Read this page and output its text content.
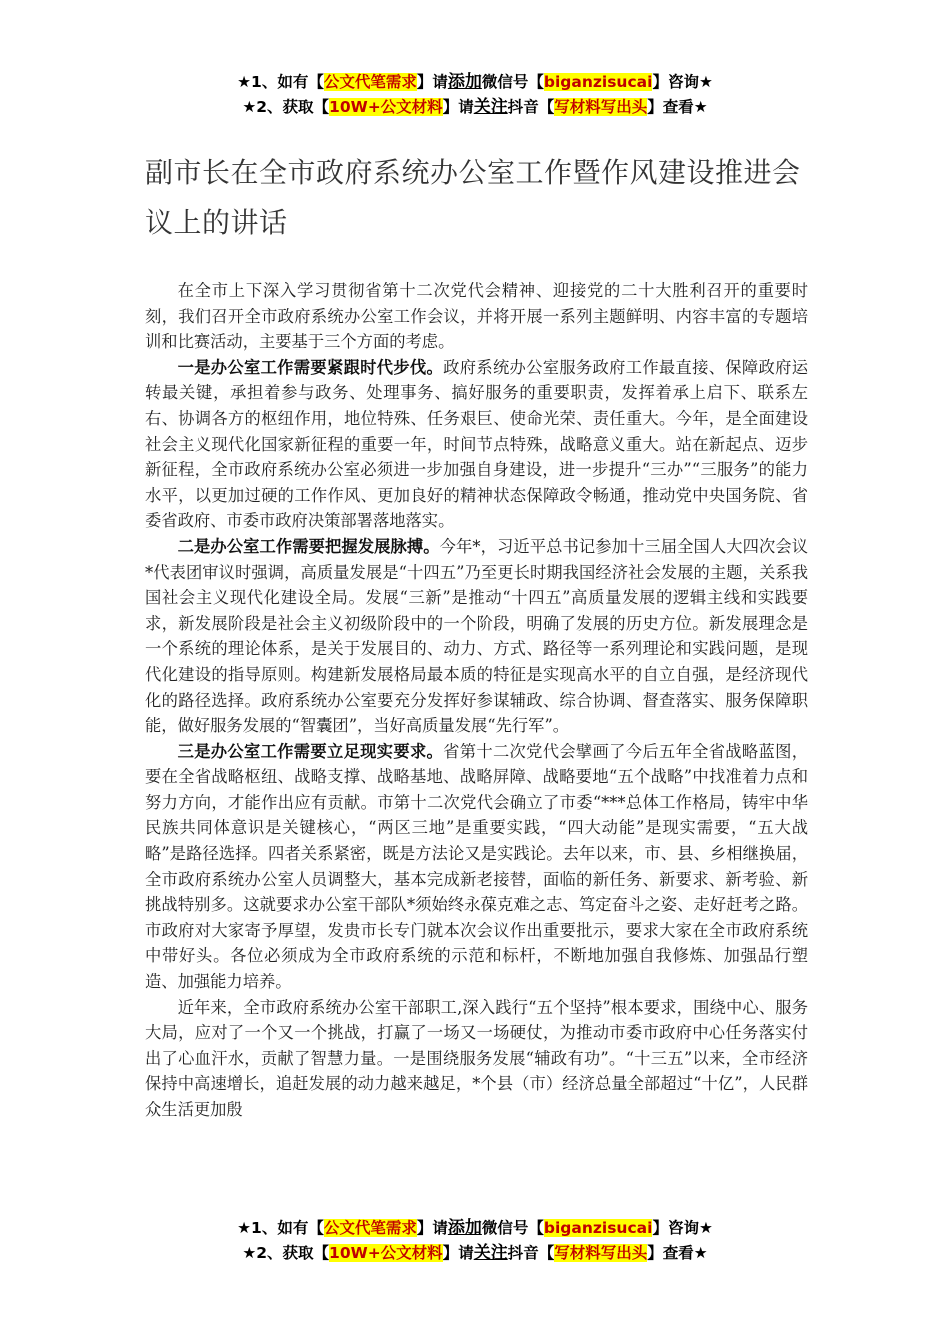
★1、如有【公文代笔需求】请添加微信号【biganzisucai】咨询★
★2、获取【10W+公文材料】请关注抖音【写材料写出头】查看★
副市长在全市政府系统办公室工作暨作风建设推进会议上的讲话

在全市上下深入学习贯彻省第十二次党代会精神、迎接党的二十大胜利召开的重要时刻，我们召开全市政府系统办公室工作会议，并将开展一系列主题鲜明、内容丰富的专题培训和比赛活动，主要基于三个方面的考虑。

一是办公室工作需要紧跟时代步伐。政府系统办公室服务政府工作最直接、保障政府运转最关键，承担着参与政务、处理事务、搞好服务的重要职责，发挥着承上启下、联系左右、协调各方的枢纽作用，地位特殊、任务艰巨、使命光荣、责任重大。今年，是全面建设社会主义现代化国家新征程的重要一年，时间节点特殊，战略意义重大。站在新起点、迈步新征程，全市政府系统办公室必须进一步加强自身建设，进一步提升“三办”“三服务”的能力水平，以更加过硬的工作作风、更加良好的精神状态保障政令畅通，推动党中央国务院、省委省政府、市委市政府决策部署落地落实。

二是办公室工作需要把握发展脉搏。今年*，习近平总书记参加十三届全国人大四次会议*代表团审议时强调，高质量发展是“十四五”乃至更长时期我国经济社会发展的主题，关系我国社会主义现代化建设全局。发展“三新”是推动“十四五”高质量发展的逻辑主线和实践要求，新发展阶段是社会主义初级阶段中的一个阶段，明确了发展的历史方位。新发展理念是一个系统的理论体系，是关于发展目的、动力、方式、路径等一系列理论和实践问题，是现代化建设的指导原则。构建新发展格局最本质的特征是实现高水平的自立自强，是经济现代化的路径选择。政府系统办公室要充分发挥好参谋辅政、综合协调、督查落实、服务保障职能，做好服务发展的“智囊团”，当好高质量发展“先行军”。

三是办公室工作需要立足现实要求。省第十二次党代会擘画了今后五年全省战略蓝图，要在全省战略枢纽、战略支撑、战略基地、战略屏障、战略要地“五个战略”中找准着力点和努力方向，才能作出应有贡献。市第十二次党代会确立了市委“***总体工作格局，铸牢中华民族共同体意识是关键核心，“两区三地”是重要实践，“四大动能”是现实需要，“五大战略”是路径选择。四者关系紧密，既是方法论又是实践论。去年以来，市、县、乡相继换届，全市政府系统办公室人员调整大，基本完成新老接替，面临的新任务、新要求、新考验、新挑战特别多。这就要求办公室干部队*须始终永葆克难之志、笃定奋斗之姿、走好赶考之路。市政府对大家寄予厚望，发贵市长专门就本次会议作出重要批示，要求大家在全市政府系统中带好头。各位必须成为全市政府系统的示范和标杆，不断地加强自我修炼、加强品行塑造、加强能力培养。

近年来，全市政府系统办公室干部职工,深入践行“五个坚持”根本要求，围绕中心、服务大局，应对了一个又一个挑战，打赢了一场又一场硬仗，为推动市委市政府中心任务落实付出了心血汗水，贡献了智慧力量。一是围绕服务发展“辅政有功”。“十三五”以来，全市经济保持中高速增长，追赶发展的动力越来越足，*个县（市）经济总量全部超过“十亿”，人民群众生活更加殷

★1、如有【公文代笔需求】请添加微信号【biganzisucai】咨询★
★2、获取【10W+公文材料】请关注抖音【写材料写出头】查看★
